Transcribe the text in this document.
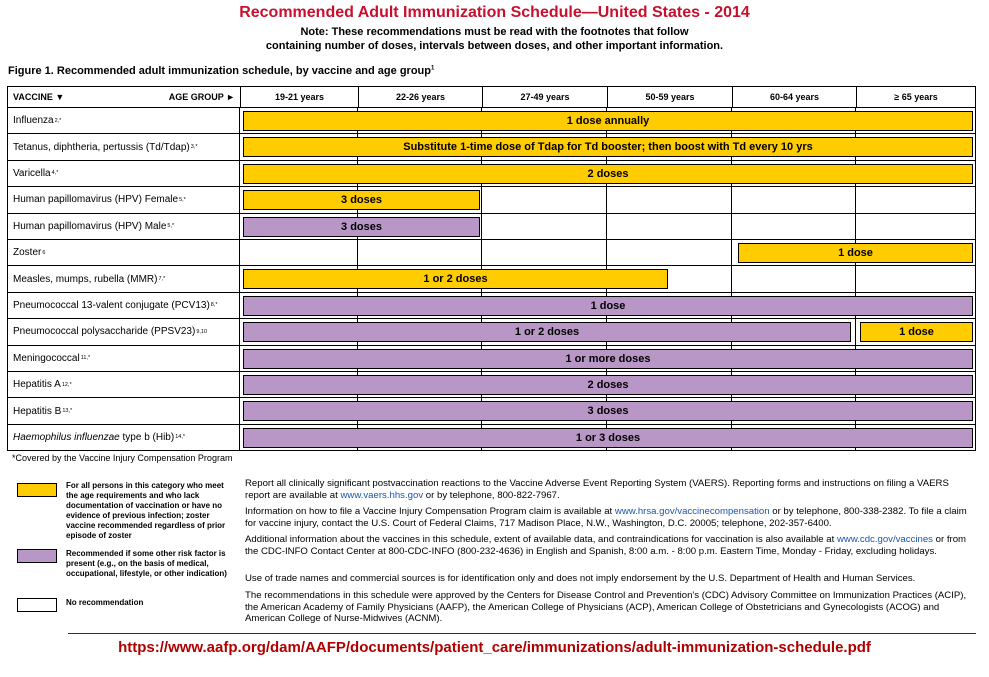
Recommended Adult Immunization Schedule—United States - 2014
Note: These recommendations must be read with the footnotes that follow
containing number of doses, intervals between doses, and other important information.
Figure 1. Recommended adult immunization schedule, by vaccine and age group$^1$
VACCINE ▼	AGE GROUP ►	19-21 years	22-26 years	27-49 years	50-59 years	60-64 years	≥ 65 years
Influenza 2,*	1 dose annually
Tetanus, diphtheria, pertussis (Td/Tdap) 3,*	Substitute 1-time dose of Tdap for Td booster; then boost with Td every 10 yrs
Varicella 4,*	2 doses
Human papillomavirus (HPV) Female 5,*	3 doses
Human papillomavirus (HPV) Male 5,*	3 doses
Zoster 6	1 dose
Measles, mumps, rubella (MMR) 7,*	1 or 2 doses
Pneumococcal 13-valent conjugate (PCV13) 8,*	1 dose
Pneumococcal polysaccharide (PPSV23) 9,10	1 or 2 doses	1 dose
Meningococcal 11,*	1 or more doses
Hepatitis A 12,*	2 doses
Hepatitis B 13,*	3 doses
Haemophilus influenzae type b (Hib) 14,*	1 or 3 doses
*Covered by the Vaccine Injury Compensation Program
For all persons in this category who meet the age requirements and who lack documentation of vaccination or have no evidence of previous infection; zoster vaccine recommended regardless of prior episode of zoster
Recommended if some other risk factor is present (e.g., on the basis of medical, occupational, lifestyle, or other indication)
No recommendation
Report all clinically significant postvaccination reactions to the Vaccine Adverse Event Reporting System (VAERS). Reporting forms and instructions on filing a VAERS report are available at www.vaers.hhs.gov or by telephone, 800-822-7967.
Information on how to file a Vaccine Injury Compensation Program claim is available at www.hrsa.gov/vaccinecompensation or by telephone, 800-338-2382. To file a claim for vaccine injury, contact the U.S. Court of Federal Claims, 717 Madison Place, N.W., Washington, D.C. 20005; telephone, 202-357-6400.
Additional information about the vaccines in this schedule, extent of available data, and contraindications for vaccination is also available at www.cdc.gov/vaccines or from the CDC-INFO Contact Center at 800-CDC-INFO (800-232-4636) in English and Spanish, 8:00 a.m. - 8:00 p.m. Eastern Time, Monday - Friday, excluding holidays.
Use of trade names and commercial sources is for identification only and does not imply endorsement by the U.S. Department of Health and Human Services.
The recommendations in this schedule were approved by the Centers for Disease Control and Prevention's (CDC) Advisory Committee on Immunization Practices (ACIP), the American Academy of Family Physicians (AAFP), the American College of Physicians (ACP), American College of Obstetricians and Gynecologists (ACOG) and American College of Nurse-Midwives (ACNM).
https://www.aafp.org/dam/AAFP/documents/patient_care/immunizations/adult-immunization-schedule.pdf
